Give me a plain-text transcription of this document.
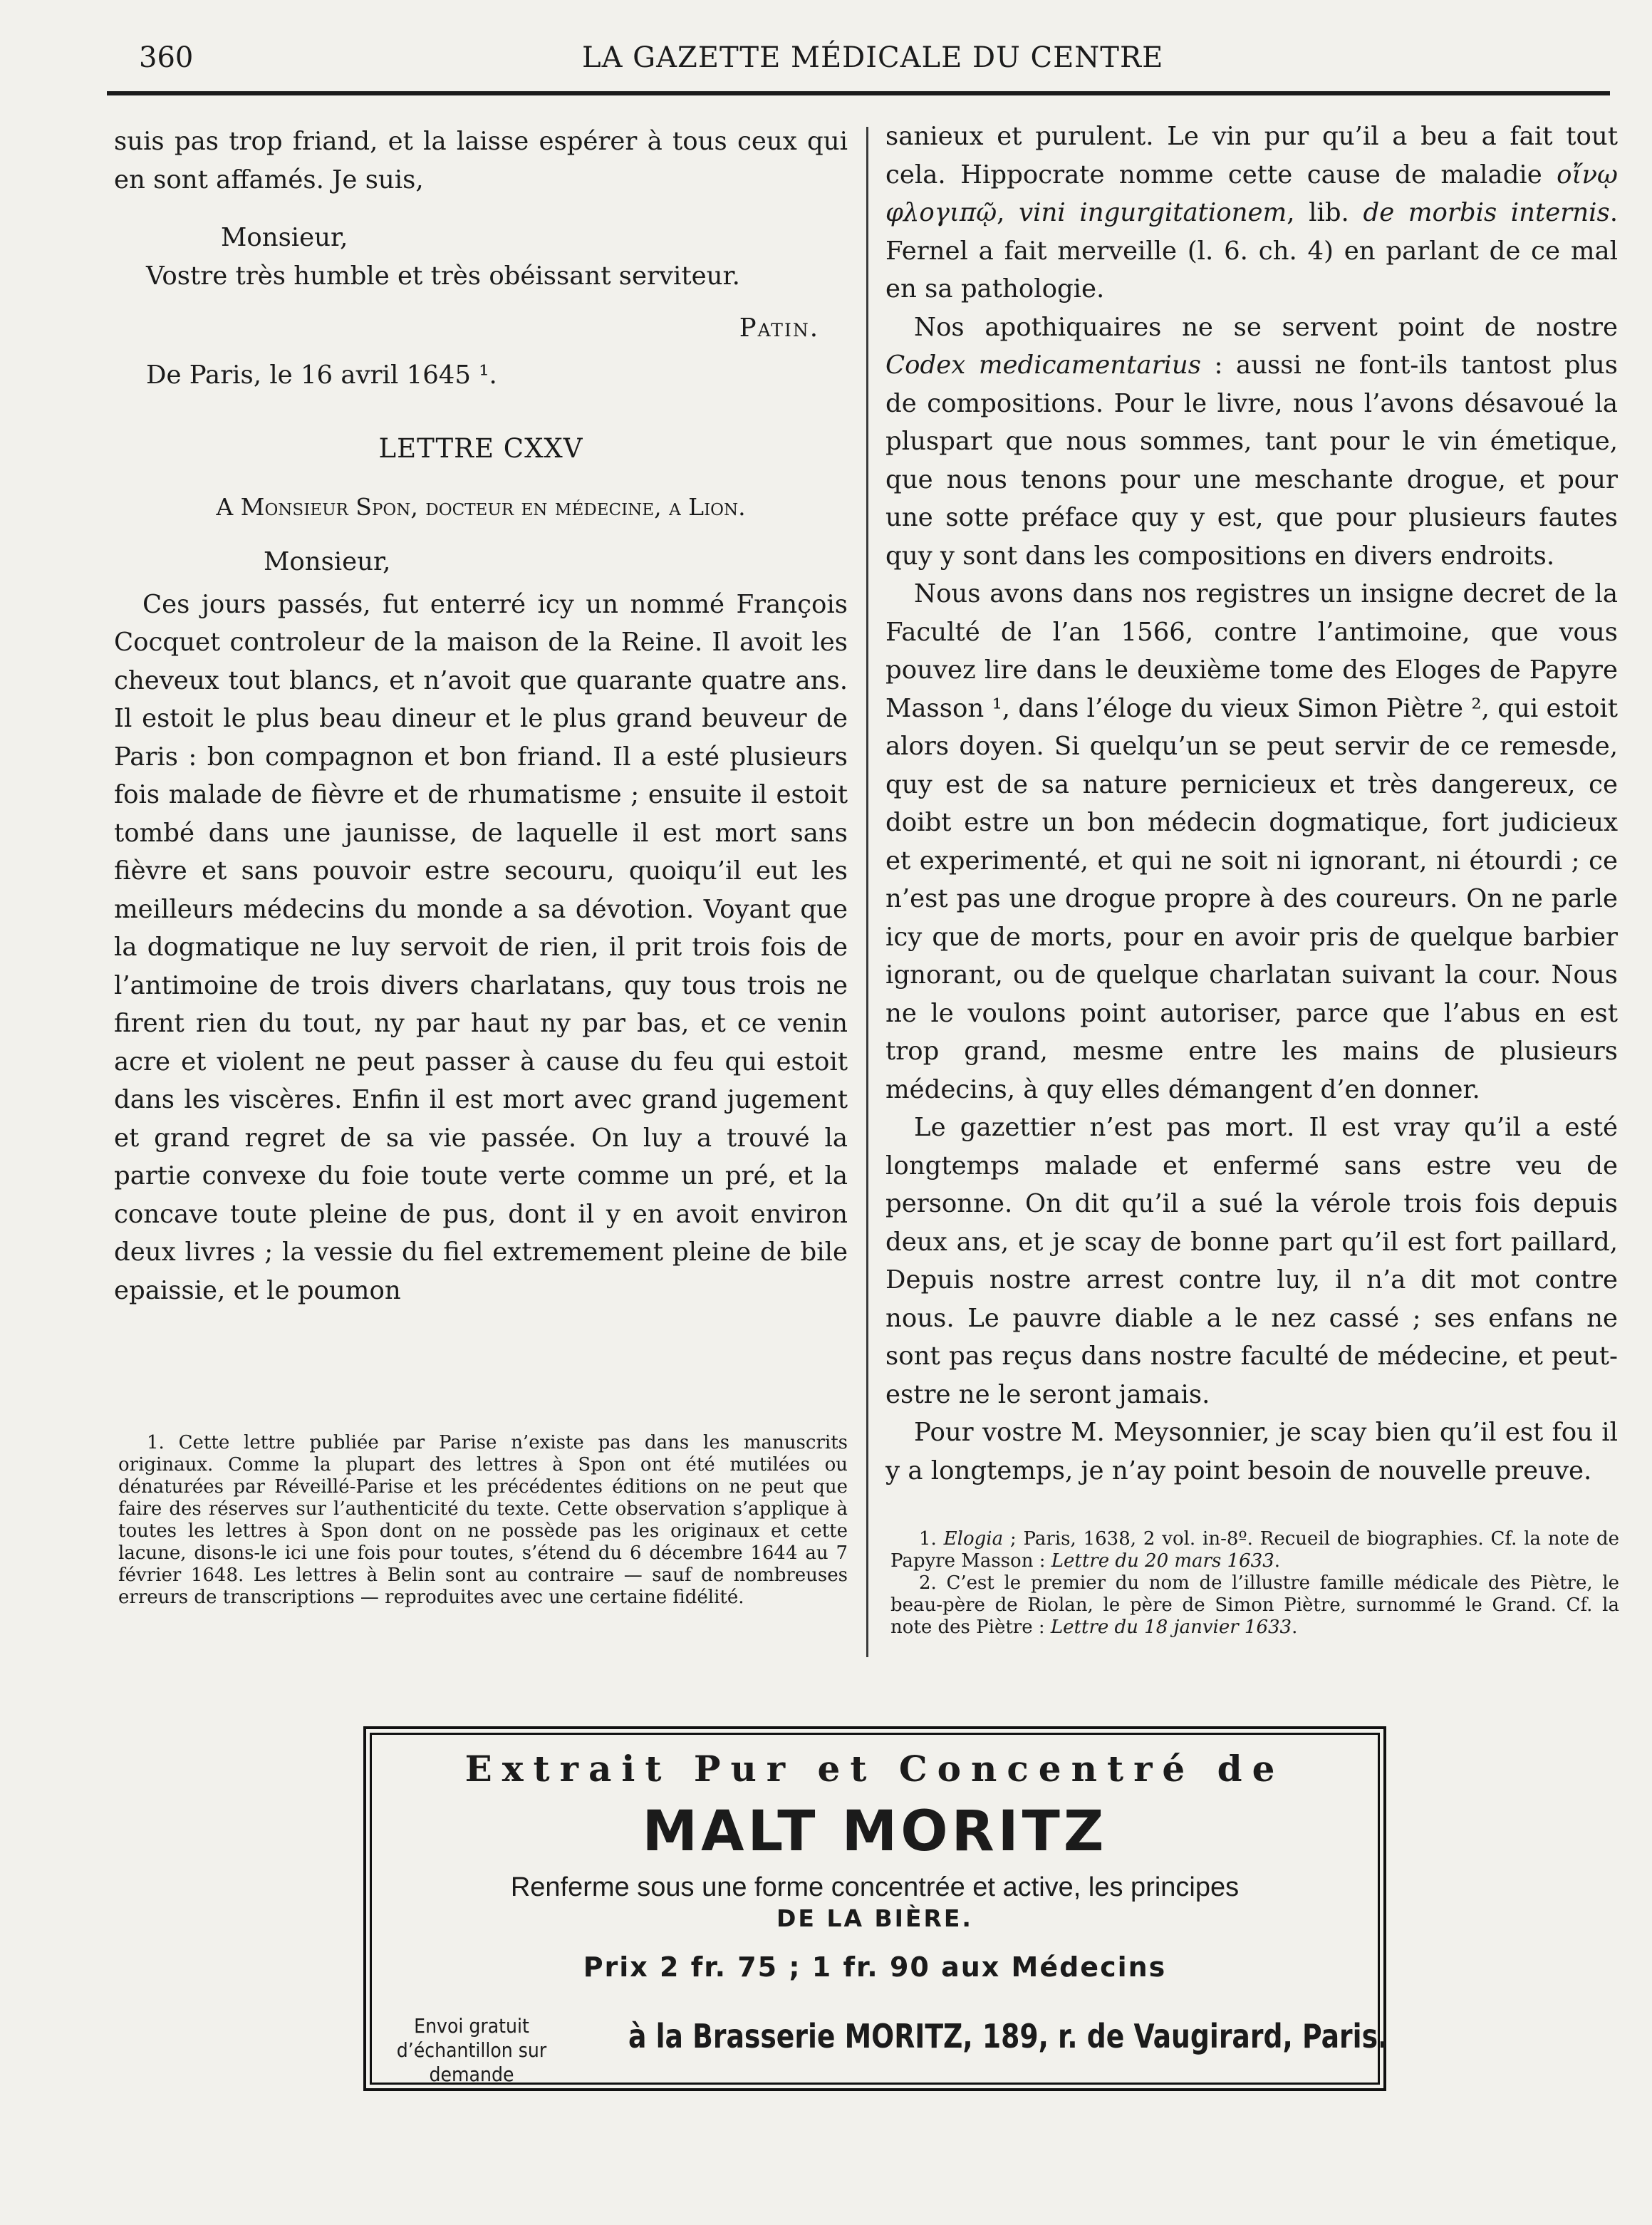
360	LA GAZETTE MÉDICALE DU CENTRE

suis pas trop friand, et la laisse espérer à tous ceux qui en sont affamés. Je suis,

Monsieur,
Vostre très humble et très obéissant serviteur.

Patin.

De Paris, le 16 avril 1645 ¹.

LETTRE CXXV

A Monsieur Spon, docteur en médecine, a Lion.

Monsieur,

Ces jours passés, fut enterré icy un nommé François Cocquet controleur de la maison de la Reine. Il avoit les cheveux tout blancs, et n’avoit que quarante quatre ans. Il estoit le plus beau dineur et le plus grand beuveur de Paris : bon compagnon et bon friand. Il a esté plusieurs fois malade de fièvre et de rhumatisme ; ensuite il estoit tombé dans une jaunisse, de laquelle il est mort sans fièvre et sans pouvoir estre secouru, quoiqu’il eut les meilleurs médecins du monde a sa dévotion. Voyant que la dogmatique ne luy servoit de rien, il prit trois fois de l’antimoine de trois divers charlatans, quy tous trois ne firent rien du tout, ny par haut ny par bas, et ce venin acre et violent ne peut passer à cause du feu qui estoit dans les viscères. Enfin il est mort avec grand jugement et grand regret de sa vie passée. On luy a trouvé la partie convexe du foie toute verte comme un pré, et la concave toute pleine de pus, dont il y en avoit environ deux livres ; la vessie du fiel extremement pleine de bile epaissie, et le poumon

1. Cette lettre publiée par Parise n’existe pas dans les manuscrits originaux. Comme la plupart des lettres à Spon ont été mutilées ou dénaturées par Réveillé-Parise et les précédentes éditions on ne peut que faire des réserves sur l’authenticité du texte. Cette observation s’applique à toutes les lettres à Spon dont on ne possède pas les originaux et cette lacune, disons-le ici une fois pour toutes, s’étend du 6 décembre 1644 au 7 février 1648. Les lettres à Belin sont au contraire — sauf de nombreuses erreurs de transcriptions — reproduites avec une certaine fidélité.

sanieux et purulent. Le vin pur qu’il a beu a fait tout cela. Hippocrate nomme cette cause de maladie οἴνῳ φλογιπῷ, vini ingurgitationem, lib. de morbis internis. Fernel a fait merveille (l. 6. ch. 4) en parlant de ce mal en sa pathologie.

Nos apothiquaires ne se servent point de nostre Codex medicamentarius : aussi ne font-ils tantost plus de compositions. Pour le livre, nous l’avons désavoué la pluspart que nous sommes, tant pour le vin émetique, que nous tenons pour une meschante drogue, et pour une sotte préface quy y est, que pour plusieurs fautes quy y sont dans les compositions en divers endroits.

Nous avons dans nos registres un insigne decret de la Faculté de l’an 1566, contre l’antimoine, que vous pouvez lire dans le deuxième tome des Eloges de Papyre Masson ¹, dans l’éloge du vieux Simon Piètre ², qui estoit alors doyen. Si quelqu’un se peut servir de ce remesde, quy est de sa nature pernicieux et très dangereux, ce doibt estre un bon médecin dogmatique, fort judicieux et experimenté, et qui ne soit ni ignorant, ni étourdi ; ce n’est pas une drogue propre à des coureurs. On ne parle icy que de morts, pour en avoir pris de quelque barbier ignorant, ou de quelque charlatan suivant la cour. Nous ne le voulons point autoriser, parce que l’abus en est trop grand, mesme entre les mains de plusieurs médecins, à quy elles démangent d’en donner.

Le gazettier n’est pas mort. Il est vray qu’il a esté longtemps malade et enfermé sans estre veu de personne. On dit qu’il a sué la vérole trois fois depuis deux ans, et je scay de bonne part qu’il est fort paillard, Depuis nostre arrest contre luy, il n’a dit mot contre nous. Le pauvre diable a le nez cassé ; ses enfans ne sont pas reçus dans nostre faculté de médecine, et peut-estre ne le seront jamais.

Pour vostre M. Meysonnier, je scay bien qu’il est fou il y a longtemps, je n’ay point besoin de nouvelle preuve.

1. Elogia ; Paris, 1638, 2 vol. in-8º. Recueil de biographies. Cf. la note de Papyre Masson : Lettre du 20 mars 1633.

2. C’est le premier du nom de l’illustre famille médicale des Piètre, le beau-père de Riolan, le père de Simon Piètre, surnommé le Grand. Cf. la note des Piètre : Lettre du 18 janvier 1633.

Extrait Pur et Concentré de
MALT MORITZ
Renferme sous une forme concentrée et active, les principes
DE LA BIÈRE.
Prix 2 fr. 75 ; 1 fr. 90 aux Médecins
Envoi gratuit d’échantillon sur demande
à la Brasserie MORITZ, 189, r. de Vaugirard, Paris.
